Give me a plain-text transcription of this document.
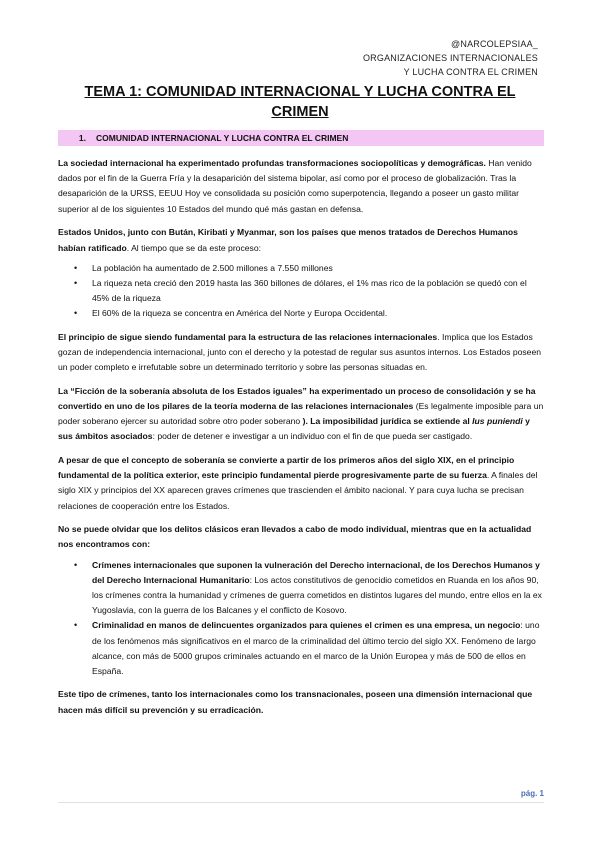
@NARCOLEPSIAA_
ORGANIZACIONES INTERNACIONALES
Y LUCHA CONTRA EL CRIMEN
TEMA 1: COMUNIDAD INTERNACIONAL Y LUCHA CONTRA EL CRIMEN
1. COMUNIDAD INTERNACIONAL Y LUCHA CONTRA EL CRIMEN

La sociedad internacional ha experimentado profundas transformaciones sociopolíticas y demográficas. Han venido dados por el fin de la Guerra Fría y la desaparición del sistema bipolar, así como por el proceso de globalización. Tras la desaparición de la URSS, EEUU Hoy ve consolidada su posición como superpotencia, llegando a poseer un gasto militar superior al de los siguientes 10 Estados del mundo qué más gastan en defensa.

Estados Unidos, junto con Bután, Kiribati y Myanmar, son los países que menos tratados de Derechos Humanos habían ratificado. Al tiempo que se da este proceso:

• La población ha aumentado de 2.500 millones a 7.550 millones
• La riqueza neta creció den 2019 hasta las 360 billones de dólares, el 1% mas rico de la población se quedó con el 45% de la riqueza
• El 60% de la riqueza se concentra en América del Norte y Europa Occidental.

El principio de sigue siendo fundamental para la estructura de las relaciones internacionales. Implica que los Estados gozan de independencia internacional, junto con el derecho y la potestad de regular sus asuntos internos. Los Estados poseen un poder completo e irrefutable sobre un determinado territorio y sobre las personas situadas en.

La “Ficción de la soberanía absoluta de los Estados iguales” ha experimentado un proceso de consolidación y se ha convertido en uno de los pilares de la teoría moderna de las relaciones internacionales (Es legalmente imposible para un poder soberano ejercer su autoridad sobre otro poder soberano ). La imposibilidad jurídica se extiende al Ius puniendi y sus ámbitos asociados: poder de detener e investigar a un individuo con el fin de que pueda ser castigado.

A pesar de que el concepto de soberanía se convierte a partir de los primeros años del siglo XIX, en el principio fundamental de la política exterior, este principio fundamental pierde progresivamente parte de su fuerza. A finales del siglo XIX y principios del XX aparecen graves crímenes que trascienden el ámbito nacional. Y para cuya lucha se precisan relaciones de cooperación entre los Estados.

No se puede olvidar que los delitos clásicos eran llevados a cabo de modo individual, mientras que en la actualidad nos encontramos con:

• Crímenes internacionales que suponen la vulneración del Derecho internacional, de los Derechos Humanos y del Derecho Internacional Humanitario: Los actos constitutivos de genocidio cometidos en Ruanda en los años 90, los crímenes contra la humanidad y crímenes de guerra cometidos en distintos lugares del mundo, entre ellos en la ex Yugoslavia, con la guerra de los Balcanes y el conflicto de Kosovo.
• Criminalidad en manos de delincuentes organizados para quienes el crimen es una empresa, un negocio: uno de los fenómenos más significativos en el marco de la criminalidad del último tercio del siglo XX. Fenómeno de largo alcance, con más de 5000 grupos criminales actuando en el marco de la Unión Europea y más de 500 de ellos en España.

Este tipo de crímenes, tanto los internacionales como los transnacionales, poseen una dimensión internacional que hacen más difícil su prevención y su erradicación.

pág. 1
